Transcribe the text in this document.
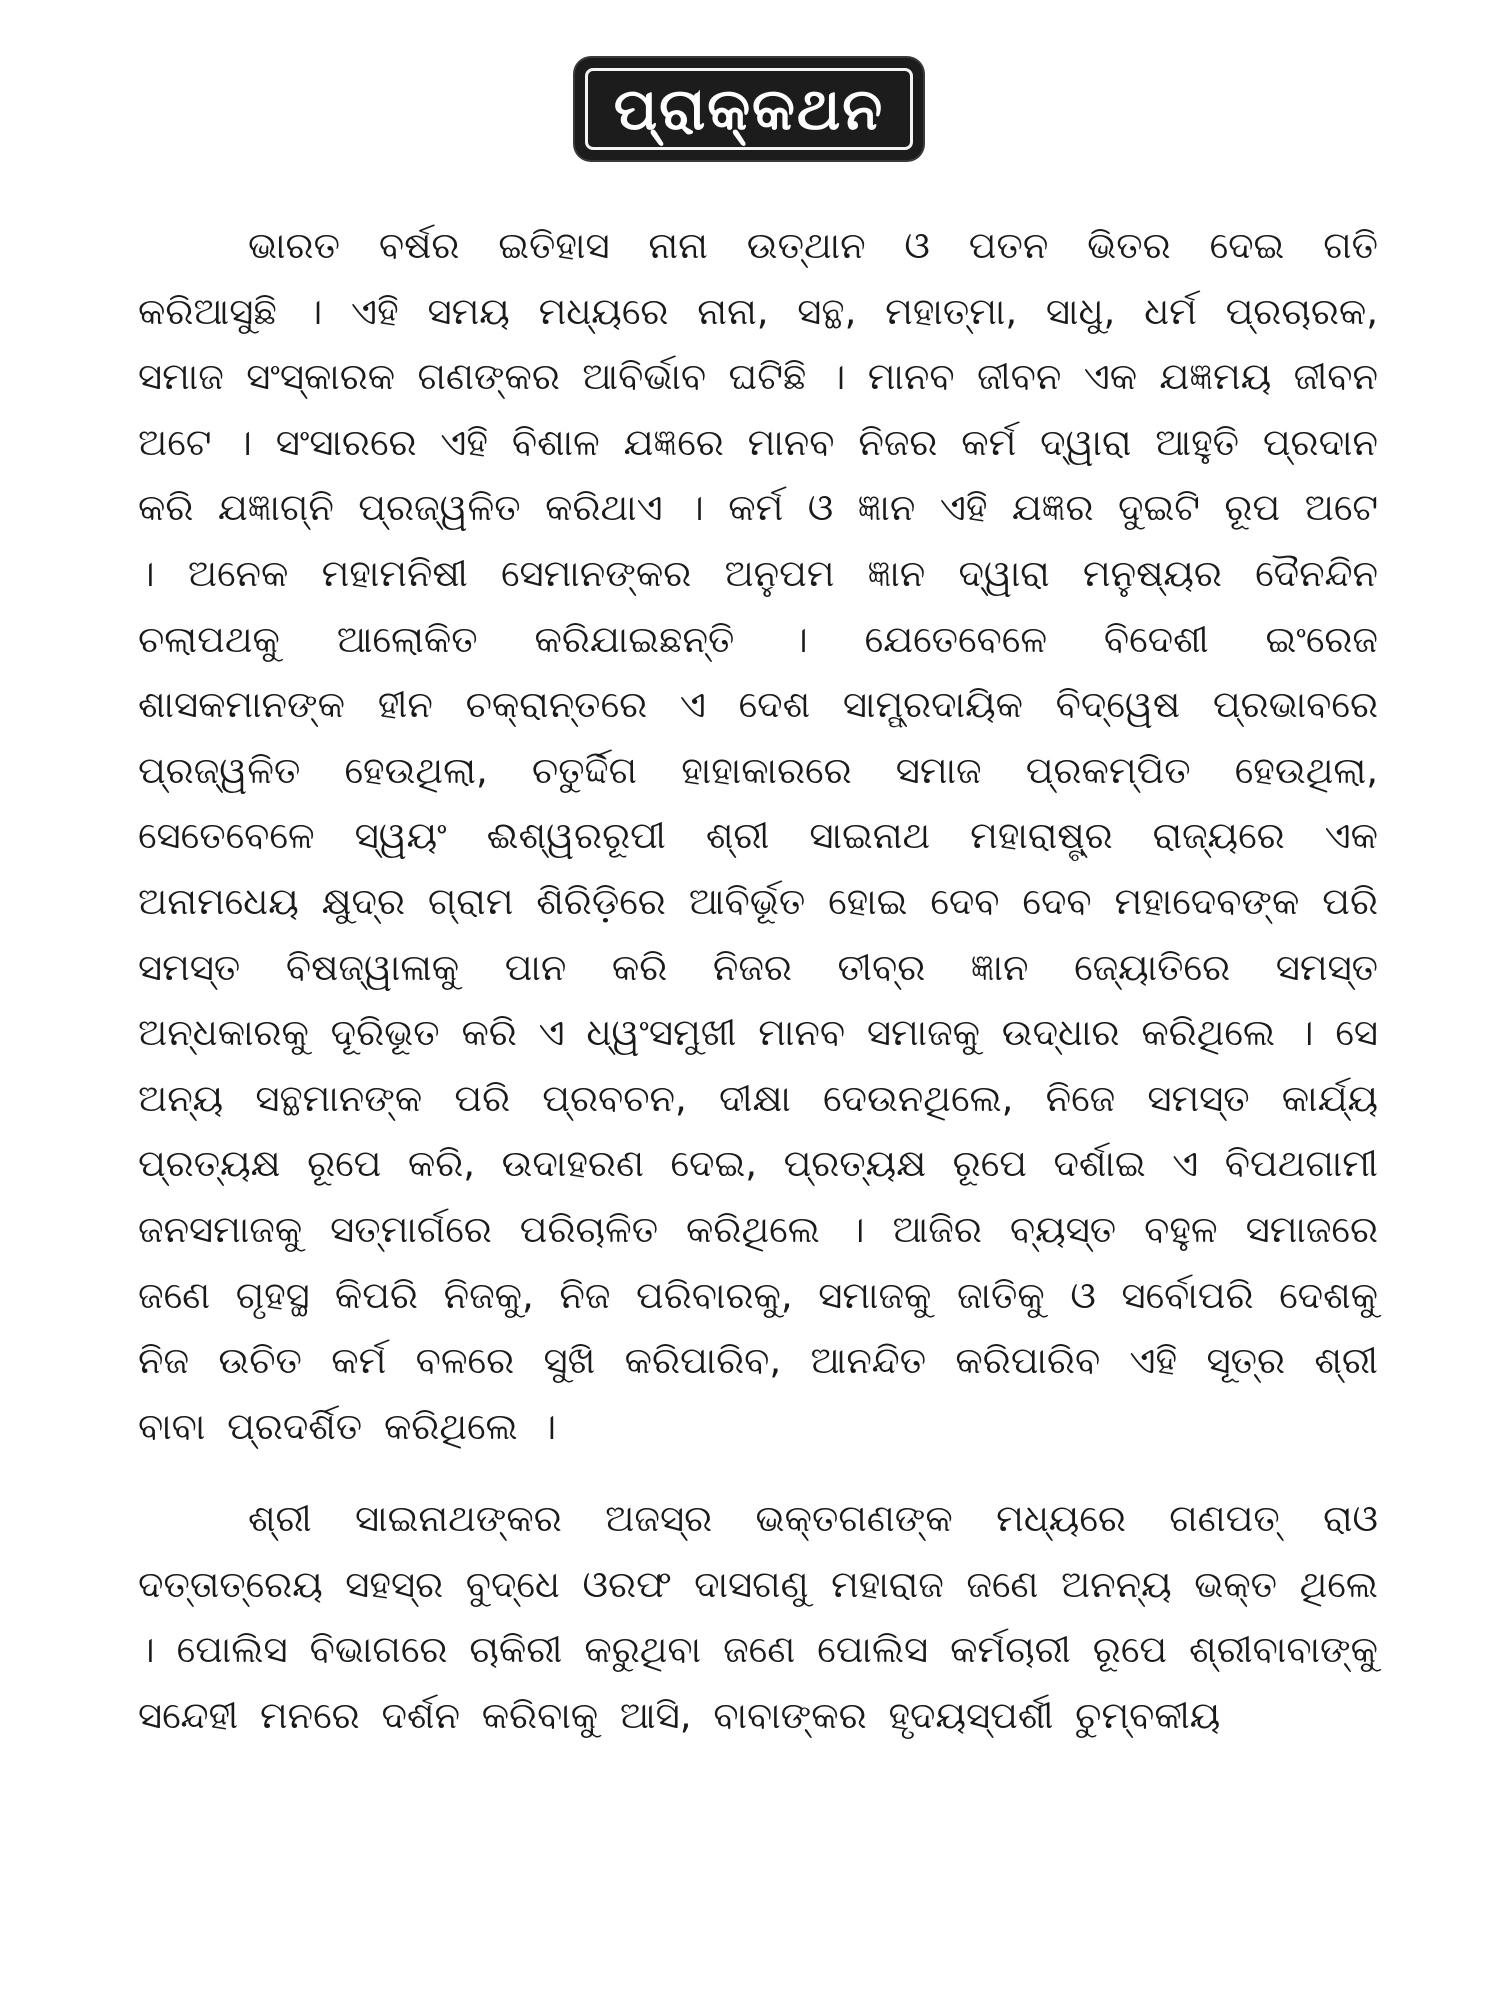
ପ୍ରାକ୍‌କଥନ

ଭାରତ ବର୍ଷର ଇତିହାସ ନାନା ଉତ୍‌ଥାନ ଓ ପତନ ଭିତର ଦେଇ ଗତି କରିଆସୁଛି । ଏହି ସମୟ ମଧ୍ୟରେ ନାନା, ସନ୍ଥ, ମହାତ୍ମା, ସାଧୁ, ଧର୍ମ ପ୍ରଚାରକ, ସମାଜ ସଂସ୍କାରକ ଗଣଙ୍କର ଆବିର୍ଭାବ ଘଟିଛି । ମାନବ ଜୀବନ ଏକ ଯଜ୍ଞମୟ ଜୀବନ ଅଟେ । ସଂସାରରେ ଏହି ବିଶାଳ ଯଜ୍ଞରେ ମାନବ ନିଜର କର୍ମ ଦ୍ୱାରା ଆହୁତି ପ୍ରଦାନ କରି ଯଜ୍ଞାଗ୍ନି ପ୍ରଜ୍ୱଳିତ କରିଥାଏ । କର୍ମ ଓ ଜ୍ଞାନ ଏହି ଯଜ୍ଞର ଦୁଇଟି ରୂପ ଅଟେ । ଅନେକ ମହାମନିଷୀ ସେମାନଙ୍କର ଅନୁପମ ଜ୍ଞାନ ଦ୍ୱାରା ମନୁଷ୍ୟର ଦୈନନ୍ଦିନ ଚଲାପଥକୁ ଆଲୋକିତ କରିଯାଇଛନ୍ତି । ଯେତେବେଳେ ବିଦେଶୀ ଇଂରେଜ ଶାସକମାନଙ୍କ ହୀନ ଚକ୍ରାନ୍ତରେ ଏ ଦେଶ ସାମ୍ପ୍ରଦାୟିକ ବିଦ୍ୱେଷ ପ୍ରଭାବରେ ପ୍ରଜ୍ୱଳିତ ହେଉଥିଲା, ଚତୁର୍ଦ୍ଦିଗ ହାହାକାରରେ ସମାଜ ପ୍ରକମ୍ପିତ ହେଉଥିଲା, ସେତେବେଳେ ସ୍ୱୟଂ ଈଶ୍ୱରରୂପୀ ଶ୍ରୀ ସାଇନାଥ ମହାରାଷ୍ଟ୍ର ରାଜ୍ୟରେ ଏକ ଅନାମଧେୟ କ୍ଷୁଦ୍ର ଗ୍ରାମ ଶିରିଡ଼ିରେ ଆବିର୍ଭୂତ ହୋଇ ଦେବ ଦେବ ମହାଦେବଙ୍କ ପରି ସମସ୍ତ ବିଷଜ୍ୱାଳାକୁ ପାନ କରି ନିଜର ତୀବ୍ର ଜ୍ଞାନ ଜ୍ୟୋତିରେ ସମସ୍ତ ଅନ୍ଧକାରକୁ ଦୂରିଭୂତ କରି ଏ ଧ୍ୱଂସମୁଖୀ ମାନବ ସମାଜକୁ ଉଦ୍ଧାର କରିଥିଲେ । ସେ ଅନ୍ୟ ସନ୍ଥମାନଙ୍କ ପରି ପ୍ରବଚନ, ଦୀକ୍ଷା ଦେଉନଥିଲେ, ନିଜେ ସମସ୍ତ କାର୍ଯ୍ୟ ପ୍ରତ୍ୟକ୍ଷ ରୂପେ କରି, ଉଦାହରଣ ଦେଇ, ପ୍ରତ୍ୟକ୍ଷ ରୂପେ ଦର୍ଶାଇ ଏ ବିପଥଗାମୀ ଜନସମାଜକୁ ସତ୍‌ମାର୍ଗରେ ପରିଚାଳିତ କରିଥିଲେ । ଆଜିର ବ୍ୟସ୍ତ ବହୁଳ ସମାଜରେ ଜଣେ ଗୃହସ୍ଥ କିପରି ନିଜକୁ, ନିଜ ପରିବାରକୁ, ସମାଜକୁ ଜାତିକୁ ଓ ସର୍ବୋପରି ଦେଶକୁ ନିଜ ଉଚିତ କର୍ମ ବଳରେ ସୁଖି କରିପାରିବ, ଆନନ୍ଦିତ କରିପାରିବ ଏହି ସୂତ୍ର ଶ୍ରୀ ବାବା ପ୍ରଦର୍ଶିତ କରିଥିଲେ ।

ଶ୍ରୀ ସାଇନାଥଙ୍କର ଅଜସ୍ର ଭକ୍ତଗଣଙ୍କ ମଧ୍ୟରେ ଗଣପତ୍ ରାଓ ଦତ୍ତାତ୍ରେୟ ସହସ୍ର ବୁଦ୍ଧେ ଓରଫ ଦାସଗଣୁ ମହାରାଜ ଜଣେ ଅନନ୍ୟ ଭକ୍ତ ଥିଲେ । ପୋଲିସ ବିଭାଗରେ ଚାକିରୀ କରୁଥିବା ଜଣେ ପୋଲିସ କର୍ମଚାରୀ ରୂପେ ଶ୍ରୀବାବାଙ୍କୁ ସନ୍ଦେହୀ ମନରେ ଦର୍ଶନ କରିବାକୁ ଆସି, ବାବାଙ୍କର ହୃଦୟସ୍ପର୍ଶୀ ଚୁମ୍ବକୀୟ
